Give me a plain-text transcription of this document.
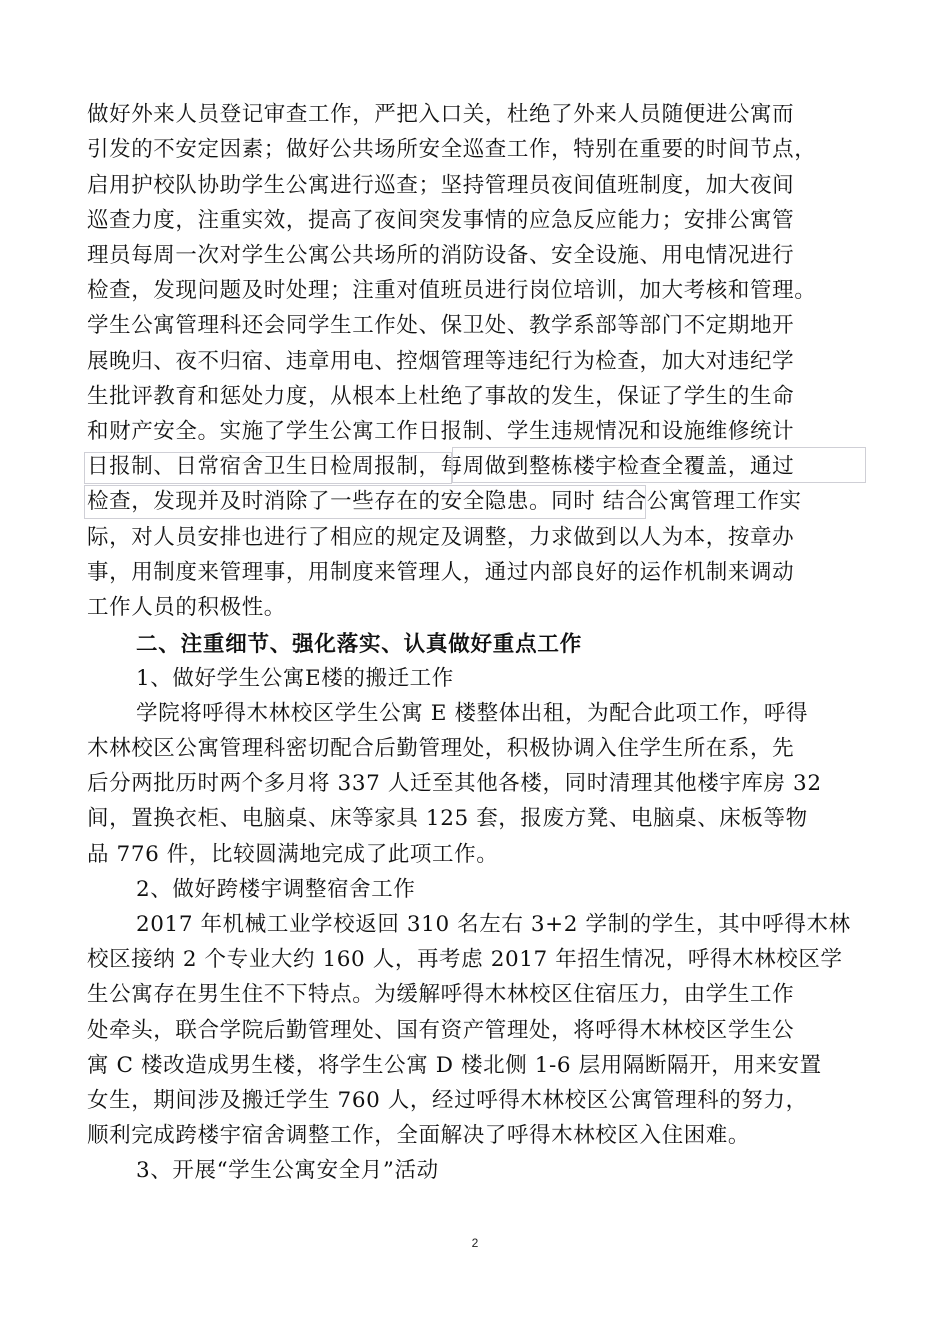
做好外来人员登记审查工作，严把入口关，杜绝了外来人员随便进公寓而
引发的不安定因素；做好公共场所安全巡查工作，特别在重要的时间节点，
启用护校队协助学生公寓进行巡查；坚持管理员夜间值班制度，加大夜间
巡查力度，注重实效，提高了夜间突发事情的应急反应能力；安排公寓管
理员每周一次对学生公寓公共场所的消防设备、安全设施、用电情况进行
检查，发现问题及时处理；注重对值班员进行岗位培训，加大考核和管理。
学生公寓管理科还会同学生工作处、保卫处、教学系部等部门不定期地开
展晚归、夜不归宿、违章用电、控烟管理等违纪行为检查，加大对违纪学
生批评教育和惩处力度，从根本上杜绝了事故的发生，保证了学生的生命
和财产安全。实施了学生公寓工作日报制、学生违规情况和设施维修统计
日报制、日常宿舍卫生日检周报制，每周做到整栋楼宇检查全覆盖，通过
检查，发现并及时消除了一些存在的安全隐患。同时 结合公寓管理工作实
际，对人员安排也进行了相应的规定及调整，力求做到以人为本，按章办
事，用制度来管理事，用制度来管理人，通过内部良好的运作机制来调动
工作人员的积极性。
二、注重细节、强化落实、认真做好重点工作
1、做好学生公寓E楼的搬迁工作
学院将呼得木林校区学生公寓 E 楼整体出租，为配合此项工作，呼得
木林校区公寓管理科密切配合后勤管理处，积极协调入住学生所在系，先
后分两批历时两个多月将 337 人迁至其他各楼，同时清理其他楼宇库房 32
间，置换衣柜、电脑桌、床等家具 125 套，报废方凳、电脑桌、床板等物
品 776 件，比较圆满地完成了此项工作。
2、做好跨楼宇调整宿舍工作
2017 年机械工业学校返回 310 名左右 3+2 学制的学生，其中呼得木林
校区接纳 2 个专业大约 160 人，再考虑 2017 年招生情况，呼得木林校区学
生公寓存在男生住不下特点。为缓解呼得木林校区住宿压力，由学生工作
处牵头，联合学院后勤管理处、国有资产管理处，将呼得木林校区学生公
寓 C 楼改造成男生楼，将学生公寓 D 楼北侧 1-6 层用隔断隔开，用来安置
女生，期间涉及搬迁学生 760 人，经过呼得木林校区公寓管理科的努力，
顺利完成跨楼宇宿舍调整工作，全面解决了呼得木林校区入住困难。
3、开展“学生公寓安全月”活动
2
